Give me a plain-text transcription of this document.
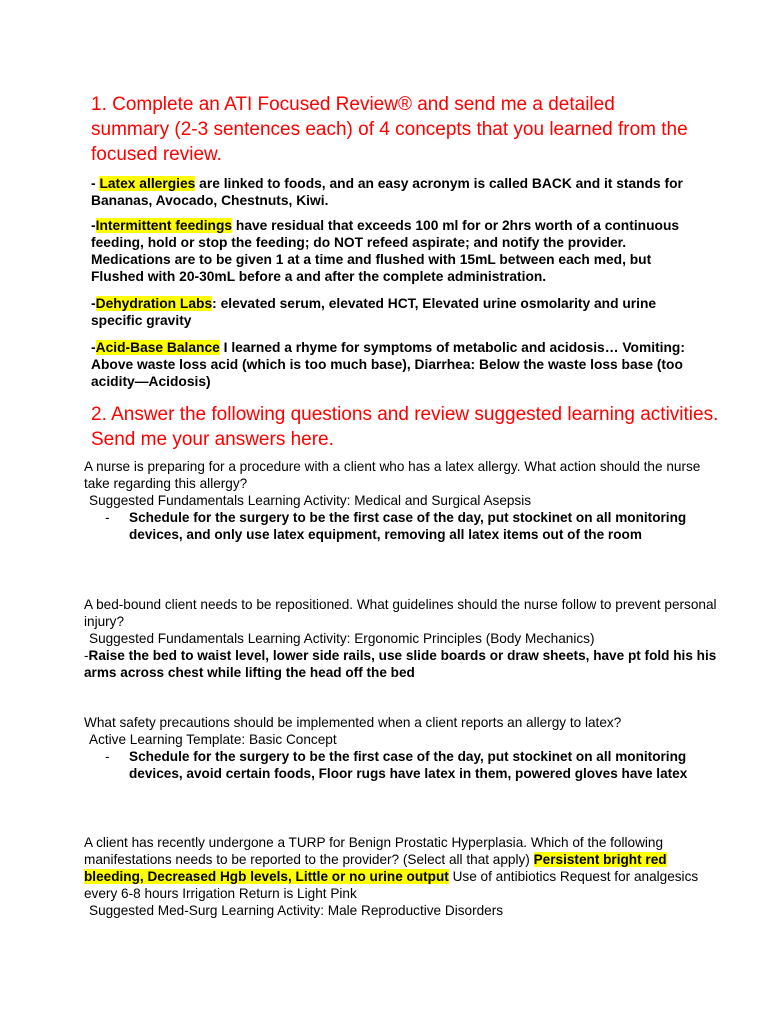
1. Complete an ATI Focused Review® and send me a detailed summary (2-3 sentences each) of 4 concepts that you learned from the focused review.
- Latex allergies are linked to foods, and an easy acronym is called BACK and it stands for Bananas, Avocado, Chestnuts, Kiwi.
-Intermittent feedings have residual that exceeds 100 ml for or 2hrs worth of a continuous feeding, hold or stop the feeding; do NOT refeed aspirate; and notify the provider. Medications are to be given 1 at a time and flushed with 15mL between each med, but Flushed with 20-30mL before a and after the complete administration.
-Dehydration Labs: elevated serum, elevated HCT, Elevated urine osmolarity and urine specific gravity
-Acid-Base Balance I learned a rhyme for symptoms of metabolic and acidosis… Vomiting: Above waste loss acid (which is too much base), Diarrhea: Below the waste loss base (too acidity—Acidosis)
2. Answer the following questions and review suggested learning activities. Send me your answers here.
A nurse is preparing for a procedure with a client who has a latex allergy. What action should the nurse take regarding this allergy?
Suggested Fundamentals Learning Activity: Medical and Surgical Asepsis
- Schedule for the surgery to be the first case of the day, put stockinet on all monitoring devices, and only use latex equipment, removing all latex items out of the room
A bed-bound client needs to be repositioned. What guidelines should the nurse follow to prevent personal injury?
Suggested Fundamentals Learning Activity: Ergonomic Principles (Body Mechanics)
-Raise the bed to waist level, lower side rails, use slide boards or draw sheets, have pt fold his his arms across chest while lifting the head off the bed
What safety precautions should be implemented when a client reports an allergy to latex?
Active Learning Template: Basic Concept
- Schedule for the surgery to be the first case of the day, put stockinet on all monitoring devices, avoid certain foods, Floor rugs have latex in them, powered gloves have latex
A client has recently undergone a TURP for Benign Prostatic Hyperplasia. Which of the following manifestations needs to be reported to the provider? (Select all that apply) Persistent bright red bleeding, Decreased Hgb levels, Little or no urine output Use of antibiotics Request for analgesics every 6-8 hours Irrigation Return is Light Pink
Suggested Med-Surg Learning Activity: Male Reproductive Disorders
